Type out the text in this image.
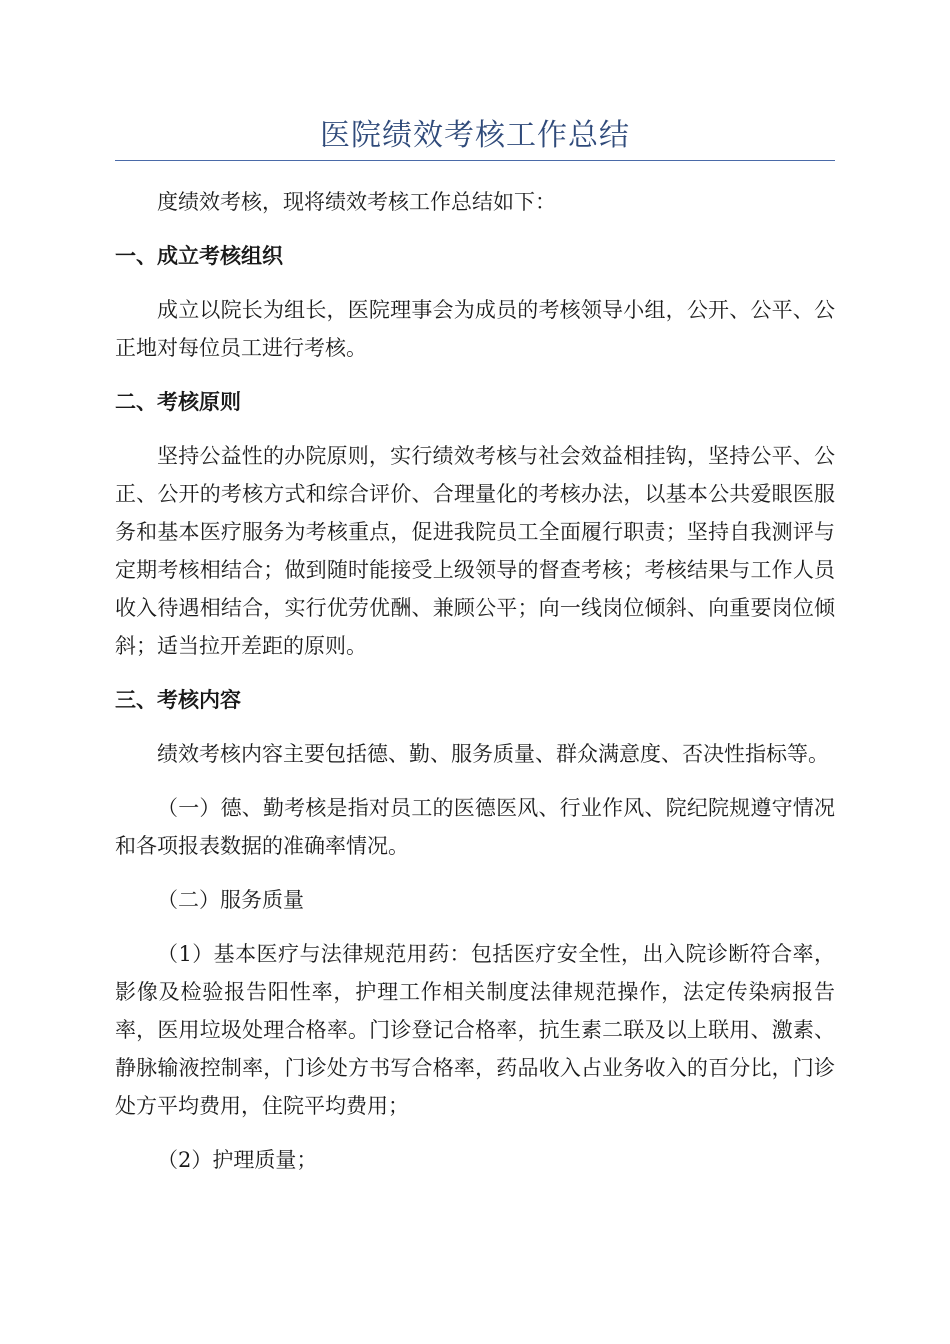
医院绩效考核工作总结

度绩效考核，现将绩效考核工作总结如下：

一、成立考核组织

成立以院长为组长，医院理事会为成员的考核领导小组，公开、公平、公正地对每位员工进行考核。

二、考核原则

坚持公益性的办院原则，实行绩效考核与社会效益相挂钩，坚持公平、公正、公开的考核方式和综合评价、合理量化的考核办法，以基本公共爱眼医服务和基本医疗服务为考核重点，促进我院员工全面履行职责；坚持自我测评与定期考核相结合；做到随时能接受上级领导的督查考核；考核结果与工作人员收入待遇相结合，实行优劳优酬、兼顾公平；向一线岗位倾斜、向重要岗位倾斜；适当拉开差距的原则。

三、考核内容

绩效考核内容主要包括德、勤、服务质量、群众满意度、否决性指标等。

（一）德、勤考核是指对员工的医德医风、行业作风、院纪院规遵守情况和各项报表数据的准确率情况。

（二）服务质量

（1）基本医疗与法律规范用药：包括医疗安全性，出入院诊断符合率，影像及检验报告阳性率，护理工作相关制度法律规范操作，法定传染病报告率，医用垃圾处理合格率。门诊登记合格率，抗生素二联及以上联用、激素、静脉输液控制率，门诊处方书写合格率，药品收入占业务收入的百分比，门诊处方平均费用，住院平均费用；

（2）护理质量；
